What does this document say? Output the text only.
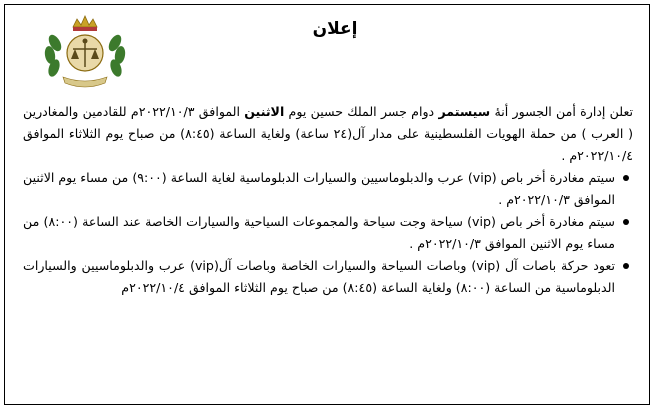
إعلان

تعلن إدارة أمن الجسور أنهٔ سيستمر دوام جسر الملك حسين يوم الاثنين الموافق ٢٠٢٢/١٠/٣م للقادمين والمغادرين ( العرب ) من حملة الهويات الفلسطينية على مدار آل(٢٤ ساعة) ولغاية الساعة (٨:٤٥) من صباح يوم الثلاثاء الموافق ٢٠٢٢/١٠/٤م .

سيتم مغادرة أخر باص (vip) عرب والدبلوماسيين والسيارات الدبلوماسية لغاية الساعة (٩:٠٠) من مساء يوم الاثنين الموافق ٢٠٢٢/١٠/٣م .
سيتم مغادرة أخر باص (vip) سياحة وجت سياحة والمجموعات السياحية والسيارات الخاصة عند الساعة (٨:٠٠) من مساء يوم الاثنين الموافق ٢٠٢٢/١٠/٣م .
تعود حركة باصات آل (vip) وباصات السياحة والسيارات الخاصة وباصات آل(vip) عرب والدبلوماسيين والسيارات الدبلوماسية من الساعة (٨:٠٠) ولغاية الساعة (٨:٤٥) من صباح يوم الثلاثاء الموافق ٢٠٢٢/١٠/٤م
